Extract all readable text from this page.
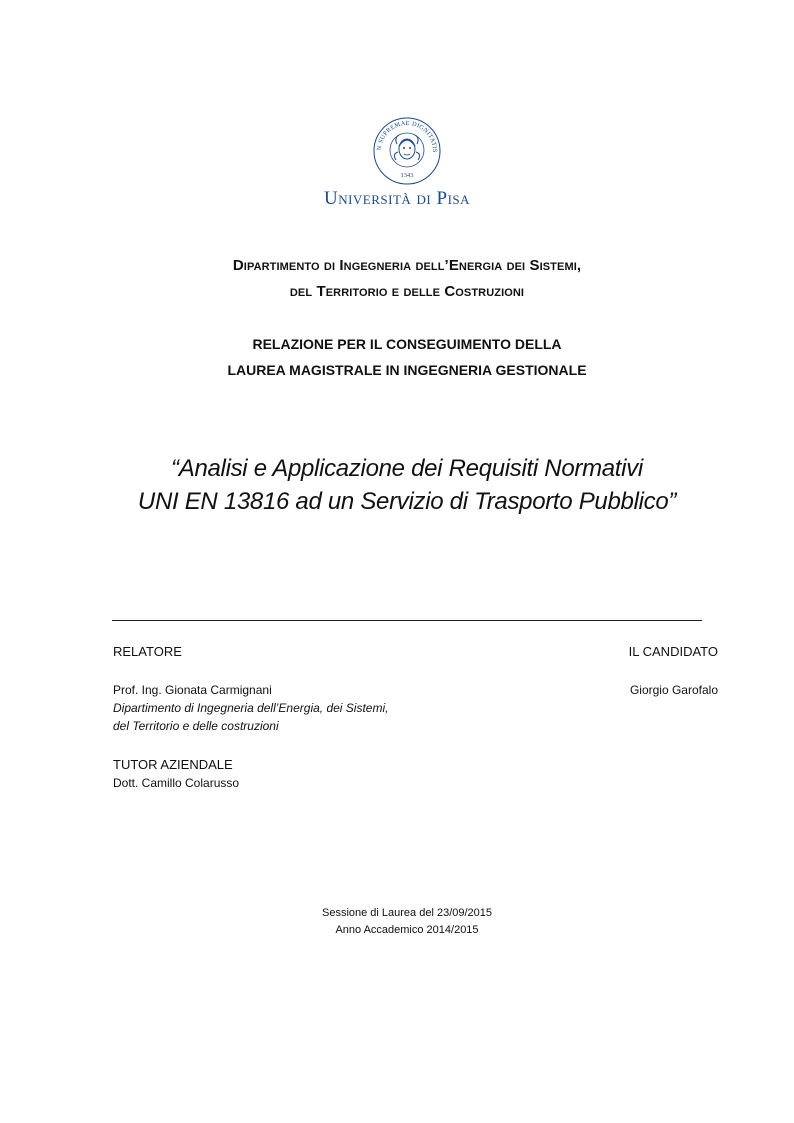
N SUPREMAE DIGNITATIS
1343
Università di Pisa
Dipartimento di Ingegneria dell’Energia dei Sistemi,
del Territorio e delle Costruzioni
RELAZIONE PER IL CONSEGUIMENTO DELLA
LAUREA MAGISTRALE IN INGEGNERIA GESTIONALE
“Analisi e Applicazione dei Requisiti Normativi
UNI EN 13816 ad un Servizio di Trasporto Pubblico”
RELATORE	IL CANDIDATO
Prof. Ing. Gionata Carmignani	Giorgio Garofalo
Dipartimento di Ingegneria dell’Energia, dei Sistemi,
del Territorio e delle costruzioni
TUTOR AZIENDALE
Dott. Camillo Colarusso
Sessione di Laurea del 23/09/2015
Anno Accademico 2014/2015
